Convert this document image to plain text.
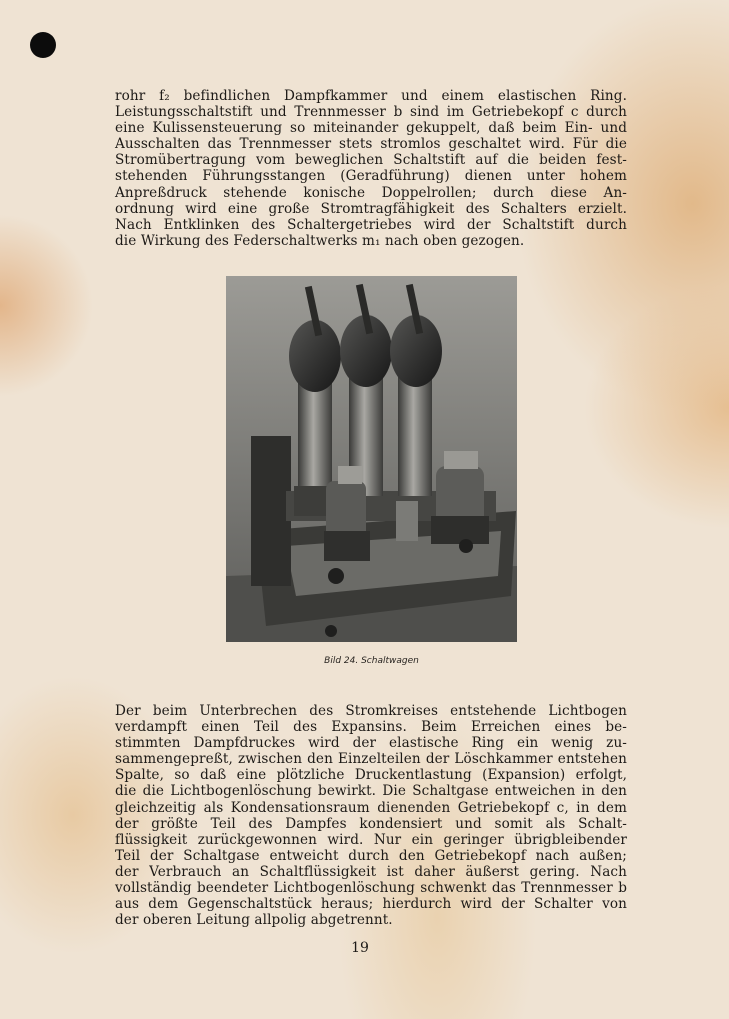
rohr f₂ befindlichen Dampfkammer und einem elastischen Ring.
Leistungsschaltstift und Trennmesser b sind im Getriebekopf c durch
eine Kulissensteuerung so miteinander gekuppelt, daß beim Ein- und
Ausschalten das Trennmesser stets stromlos geschaltet wird. Für die
Stromübertragung vom beweglichen Schaltstift auf die beiden fest-
stehenden Führungsstangen (Geradführung) dienen unter hohem
Anpreßdruck stehende konische Doppelrollen; durch diese An-
ordnung wird eine große Stromtragfähigkeit des Schalters erzielt.
Nach Entklinken des Schaltergetriebes wird der Schaltstift durch
die Wirkung des Federschaltwerks m₁ nach oben gezogen.
Bild 24. Schaltwagen
Der beim Unterbrechen des Stromkreises entstehende Lichtbogen
verdampft einen Teil des Expansins. Beim Erreichen eines be-
stimmten Dampfdruckes wird der elastische Ring ein wenig zu-
sammengepreßt, zwischen den Einzelteilen der Löschkammer entstehen
Spalte, so daß eine plötzliche Druckentlastung (Expansion) erfolgt,
die die Lichtbogenlöschung bewirkt. Die Schaltgase entweichen in den
gleichzeitig als Kondensationsraum dienenden Getriebekopf c, in dem
der größte Teil des Dampfes kondensiert und somit als Schalt-
flüssigkeit zurückgewonnen wird. Nur ein geringer übrigbleibender
Teil der Schaltgase entweicht durch den Getriebekopf nach außen;
der Verbrauch an Schaltflüssigkeit ist daher äußerst gering. Nach
vollständig beendeter Lichtbogenlöschung schwenkt das Trennmesser b
aus dem Gegenschaltstück heraus; hierdurch wird der Schalter von
der oberen Leitung allpolig abgetrennt.
19
